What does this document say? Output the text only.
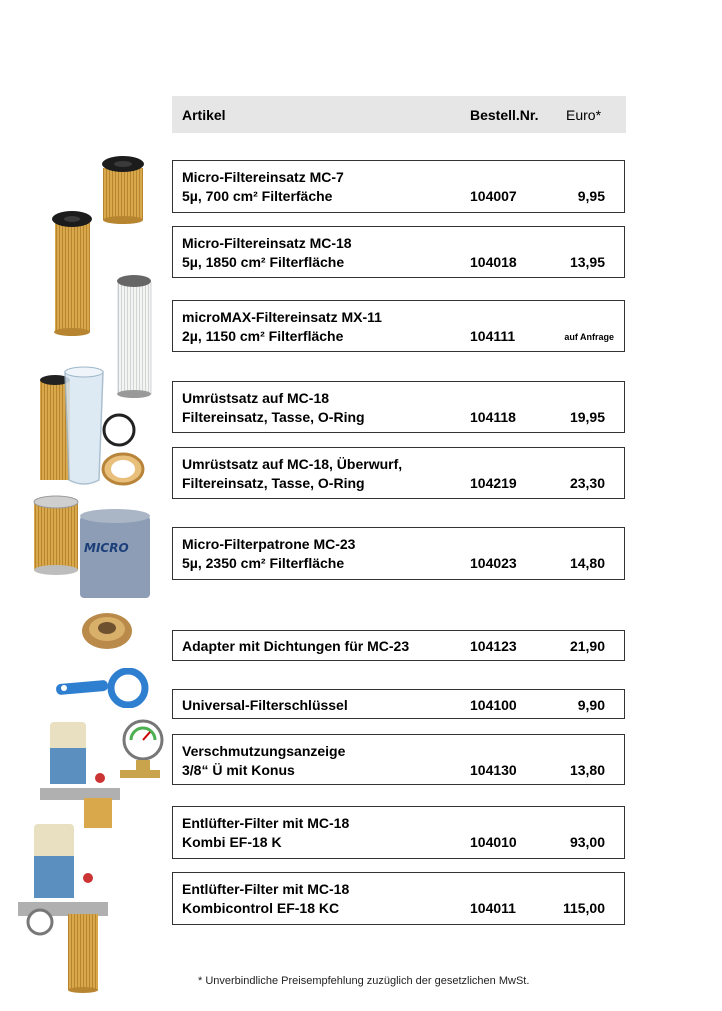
Artikel	Bestell.Nr. Euro*
Micro-Filtereinsatz MC-7
5µ, 700 cm² Filterfäche	104007	9,95
Micro-Filtereinsatz MC-18
5µ, 1850 cm² Filterfläche	104018	13,95
microMAX-Filtereinsatz MX-11
2µ, 1150 cm² Filterfläche	104111	auf Anfrage
Umrüstsatz auf MC-18
Filtereinsatz, Tasse, O-Ring	104118	19,95
Umrüstsatz auf MC-18, Überwurf,
Filtereinsatz, Tasse, O-Ring	104219	23,30
Micro-Filterpatrone MC-23
5µ, 2350 cm² Filterfläche	104023	14,80
Adapter mit Dichtungen für MC-23	104123	21,90
Universal-Filterschlüssel	104100	9,90
Verschmutzungsanzeige
3/8“ Ü mit Konus	104130	13,80
Entlüfter-Filter mit MC-18
Kombi EF-18 K	104010	93,00
Entlüfter-Filter mit MC-18
Kombicontrol EF-18 KC	104011	115,00
MICRO
* Unverbindliche Preisempfehlung zuzüglich der gesetzlichen MwSt.
